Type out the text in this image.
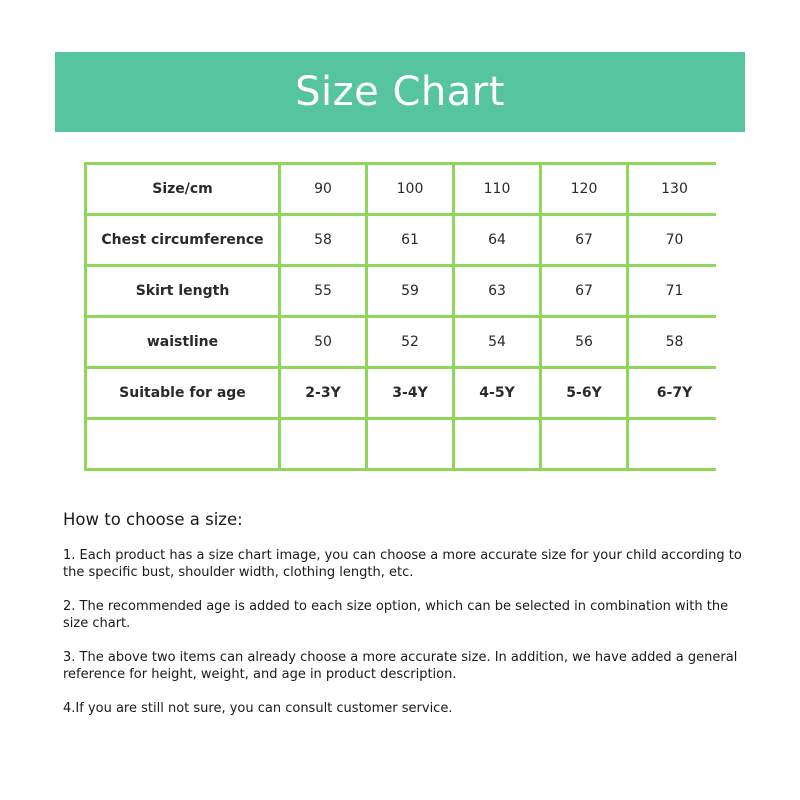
Size Chart
Size/cm	90	100	110	120	130
Chest circumference	58	61	64	67	70
Skirt length	55	59	63	67	71
waistline	50	52	54	56	58
Suitable for age	2-3Y	3-4Y	4-5Y	5-6Y	6-7Y

How to choose a size:

1. Each product has a size chart image, you can choose a more accurate size for your child according to the specific bust, shoulder width, clothing length, etc.

2. The recommended age is added to each size option, which can be selected in combination with the size chart.

3. The above two items can already choose a more accurate size. In addition, we have added a general reference for height, weight, and age in product description.

4.If you are still not sure, you can consult customer service.
